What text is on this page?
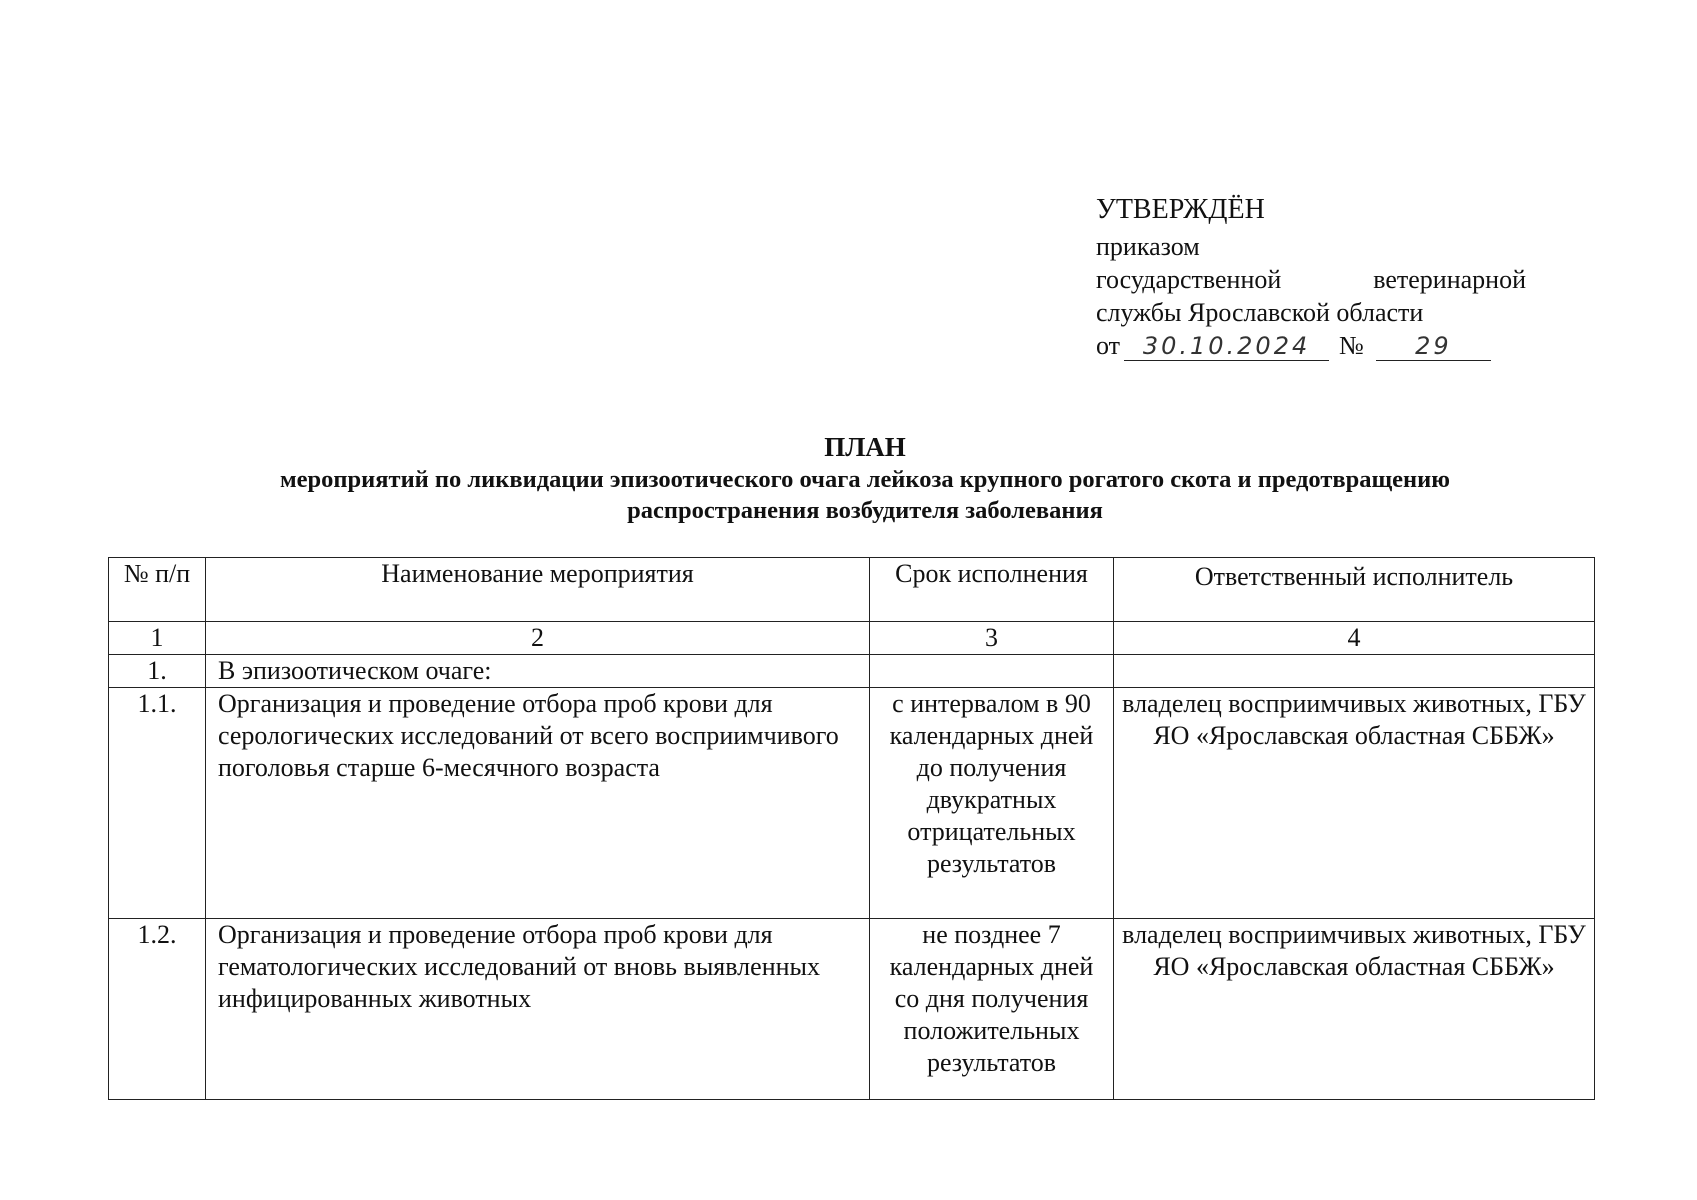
УТВЕРЖДЁН
приказом
государственной	ветеринарной
службы Ярославской области
от 30.10.2024	№	29
ПЛАН
мероприятий по ликвидации эпизоотического очага лейкоза крупного рогатого скота и предотвращению
распространения возбудителя заболевания
№ п/п	Наименование мероприятия	Срок исполнения	Ответственный исполнитель
1	2	3	4
1.	В эпизоотическом очаге:		
1.1.	Организация и проведение отбора проб крови для серологических исследований от всего восприимчивого поголовья старше 6-месячного возраста	с интервалом в 90 календарных дней до получения двукратных отрицательных результатов	владелец восприимчивых животных, ГБУ ЯО «Ярославская областная СББЖ»
1.2.	Организация и проведение отбора проб крови для гематологических исследований от вновь выявленных инфицированных животных	не позднее 7 календарных дней со дня получения положительных результатов	владелец восприимчивых животных, ГБУ ЯО «Ярославская областная СББЖ»
